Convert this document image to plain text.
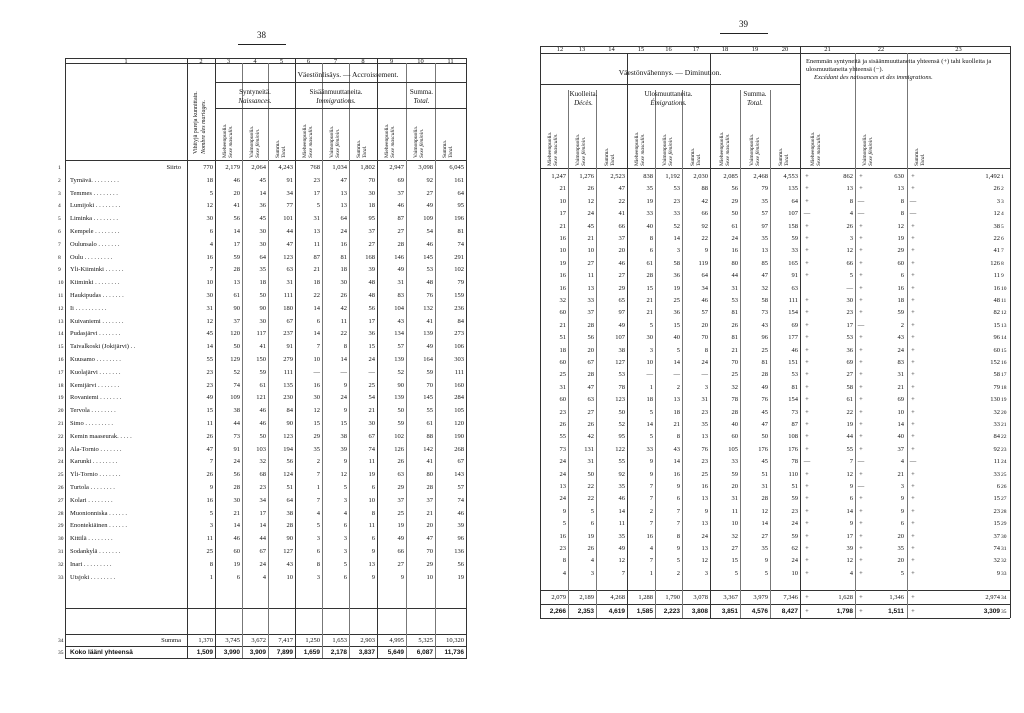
38
1	2	3	4	5	6	7	8	9	10	11
Vihityjä pareja kunnittain. Nombre des mariages.
Väestönlisäys. — Accroissement.
Syntyneitä.
Naissances.
Sisäänmuuttaneita.
Immigrations.
Summa.
Total.
Mieheenpuolia.
Sexe masculin.	Vaimonpuolia.
Sexe féminin.	Summa.
Total.	Mieheenpuolia.
Sexe masculin.	Vaimonpuolia.
Sexe féminin.	Summa.
Total.	Mieheenpuolia.
Sexe masculin.	Vaimonpuolia.
Sexe féminin.	Summa.
Total.
1	Siirto	770	2,179	2,064	4,243	768	1,034	1,802	2,947	3,098	6,045
2 Tyrnävä. . . . . . . . .	18	46	45	91	23	47	70	69	92	161
3 Temmes . . . . . . . .	5	20	14	34	17	13	30	37	27	64
4 Lumijoki . . . . . . . .	12	41	36	77	5	13	18	46	49	95
5 Liminka . . . . . . . .	30	56	45	101	31	64	95	87	109	196
6 Kempele . . . . . . . .	6	14	30	44	13	24	37	27	54	81
7 Oulunsalo . . . . . . .	4	17	30	47	11	16	27	28	46	74
8 Oulu . . . . . . . . .	16	59	64	123	87	81	168	146	145	291
9 Yli-Kiiminki . . . . . .	7	28	35	63	21	18	39	49	53	102
10 Kiiminki . . . . . . . .	10	13	18	31	18	30	48	31	48	79
11 Haukipudas . . . . . . .	30	61	50	111	22	26	48	83	76	159
12 Ii . . . . . . . . . .	31	90	90	180	14	42	56	104	132	236
13 Kuivaniemi . . . . . . .	12	37	30	67	6	11	17	43	41	84
14 Pudasjärvi . . . . . . .	45	120	117	237	14	22	36	134	139	273
15 Taivalkoski (Jokijärvi) . .	14	50	41	91	7	8	15	57	49	106
16 Kuusamo . . . . . . . .	55	129	150	279	10	14	24	139	164	303
17 Kuolajärvi . . . . . . .	23	52	59	111	—	—	—	52	59	111
18 Kemijärvi . . . . . . .	23	74	61	135	16	9	25	90	70	160
19 Rovaniemi . . . . . . .	49	109	121	230	30	24	54	139	145	284
20 Tervola . . . . . . . .	15	38	46	84	12	9	21	50	55	105
21 Simo . . . . . . . . .	11	44	46	90	15	15	30	59	61	120
22 Kemin maaseurak. . . . .	26	73	50	123	29	38	67	102	88	190
23 Ala-Tornio . . . . . . .	47	91	103	194	35	39	74	126	142	268
24 Karunki . . . . . . . .	7	24	32	56	2	9	11	26	41	67
25 Yli-Tornio . . . . . . .	26	56	68	124	7	12	19	63	80	143
26 Turtola . . . . . . . .	9	28	23	51	1	5	6	29	28	57
27 Kolari . . . . . . . .	16	30	34	64	7	3	10	37	37	74
28 Muonionniska . . . . . .	5	21	17	38	4	4	8	25	21	46
29 Enontekiäinen . . . . . .	3	14	14	28	5	6	11	19	20	39
30 Kittilä . . . . . . . .	11	46	44	90	3	3	6	49	47	96
31 Sodankylä . . . . . . .	25	60	67	127	6	3	9	66	70	136
32 Inari . . . . . . . . .	8	19	24	43	8	5	13	27	29	56
33 Utsjoki . . . . . . . .	1	6	4	10	3	6	9	9	10	19
34	Summa	1,370	3,745	3,672	7,417	1,250	1,653	2,903	4,995	5,325	10,320
35 Koko läänl yhteensä	1,509	3,990	3,909	7,899	1,659	2,178	3,837	5,649	6,087	11,736
39
12	13	14	15	16	17	18	19	20	21	22	23
Väestönvähennys. — Diminution.
Kuolleita.
Décès.
Ulosmuuttaneita.
Émigrations.
Summa.
Total.
Enemmän syntyneitä ja sisäänmuuttaneita yhteensä (+) tahi kuolleita ja ulosmuuttaneita yhteensä (−).
Excédant des naissances et des immigrations.
Mieheenpuolia.
Sexe masculin.	Vaimonpuolia.
Sexe féminin.	Summa.
Total.	Mieheenpuolia.
Sexe masculin.	Vaimonpuolia.
Sexe féminin.	Summa.
Total.	Mieheenpuolia.
Sexe masculin.	Vaimonpuolia.
Sexe féminin.	Summa.
Total.	Mieheenpuolia.
Sexe masculin.	Vaimonpuolia.
Sexe féminin.	Summa.
Total.
1,247	1,276	2,523	838	1,192	2,030	2,085	2,468	4,553	+	862 +	630	+	1,492 1
21	26	47	35	53	88	56	79	135	+	13 +	13	+	26 2
10	12	22	19	23	42	29	35	64	+	8 —	8 —	3 3
17	24	41	33	33	66	50	57	107 —	4 —	8 —	12 4
21	45	66	40	52	92	61	97	158	+	26 +	12	+	38 5
16	21	37	8	14	22	24	35	59	+	3 +	19	+	22 6
10	10	20	6	3	9	16	13	33	+	12 +	29	+	41 7
19	27	46	61	58	119	80	85	165	+	66 +	60	+	126 8
16	11	27	28	36	64	44	47	91	+	5 +	6	+	11 9
16	13	29	15	19	34	31	32	63	— +	16	+	16 10
32	33	65	21	25	46	53	58	111	+	30 +	18	+	48 11
60	37	97	21	36	57	81	73	154	+	23 +	59	+	82 12
21	28	49	5	15	20	26	43	69	+	17 —	2	+	15 13
51	56	107	30	40	70	81	96	177	+	53 +	43	+	96 14
18	20	38	3	5	8	21	25	46	+	36 +	24	+	60 15
60	67	127	10	14	24	70	81	151	+	69 +	83	+	152 16
25	28	53	—	—	—	25	28	53	+	27 +	31	+	58 17
31	47	78	1	2	3	32	49	81	+	58 +	21	+	79 18
60	63	123	18	13	31	78	76	154	+	61 +	69	+	130 19
23	27	50	5	18	23	28	45	73	+	22 +	10	+	32 20
26	26	52	14	21	35	40	47	87	+	19 +	14	+	33 21
55	42	95	5	8	13	60	50	108	+	44 +	40	+	84 22
73	131	122	33	43	76	105	176	176	+	55 +	37	+	92 23
24	31	55	9	14	23	33	45	78 —	7 —	4 —	11 24
24	50	92	9	16	25	59	51	110	+	12 +	21	+	33 25
13	22	35	7	9	16	20	31	51	+	9 —	3	+	6 26
24	22	46	7	6	13	31	28	59	+	6 +	9	+	15 27
9	5	14	2	7	9	11	12	23	+	14 +	9	+	23 28
5	6	11	7	7	13	10	14	24	+	9 +	6	+	15 29
16	19	35	16	8	24	32	27	59	+	17 +	20	+	37 30
23	26	49	4	9	13	27	35	62	+	39 +	35	+	74 31
8	4	12	7	5	12	15	9	24	+	12 +	20	+	32 32
4	3	7	1	2	3	5	5	10	+	4 +	5	+	9 33
2,079	2,189	4,268	1,288	1,790	3,078	3,367	3,979	7,346	+	1,628 +	1,346	+	2,974 34
2,266	2,353	4,619	1,585	2,223	3,808	3,851	4,576	8,427	+	1,798 +	1,511	+	3,309 35
